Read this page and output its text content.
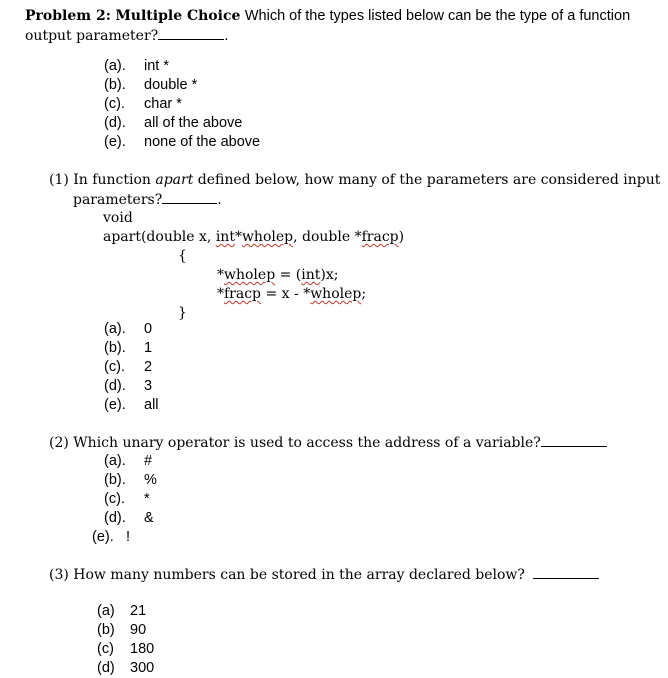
Problem 2: Multiple Choice Which of the types listed below can be the type of a function
output parameter?	.
(a). int *
(b). double *
(c). char *
(d). all of the above
(e). none of the above
(1) In function apart defined below, how many of the parameters are considered input
parameters?	.
void
apart(double x, int*wholep, double *fracp)
{
*wholep = (int)x;
*fracp = x - *wholep;
}
(a). 0
(b). 1
(c). 2
(d). 3
(e). all
(2) Which unary operator is used to access the address of a variable?
(a). #
(b). %
(c). *
(d). &
(e). !
(3) How many numbers can be stored in the array declared below?
(a) 21
(b) 90
(c) 180
(d) 300
